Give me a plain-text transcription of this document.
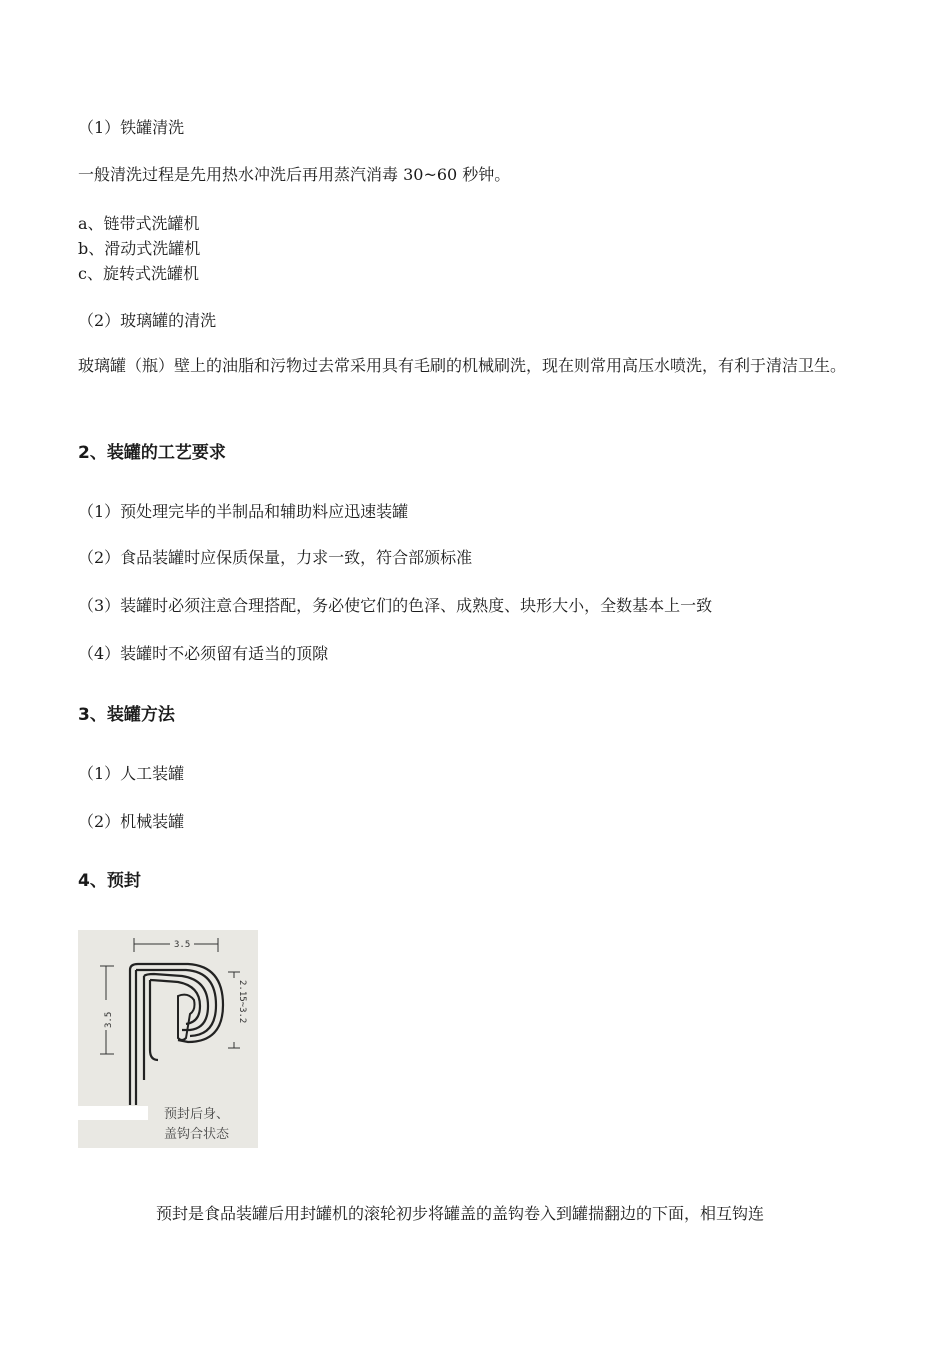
（1）铁罐清洗
一般清洗过程是先用热水冲洗后再用蒸汽消毒 30~60 秒钟。
a、链带式洗罐机
b、滑动式洗罐机
c、旋转式洗罐机
（2）玻璃罐的清洗
玻璃罐（瓶）壁上的油脂和污物过去常采用具有毛刷的机械刷洗，现在则常用高压水喷洗，有利于清洁卫生。
2、装罐的工艺要求
（1）预处理完毕的半制品和辅助料应迅速装罐
（2）食品装罐时应保质保量，力求一致，符合部颁标准
（3）装罐时必须注意合理搭配，务必使它们的色泽、成熟度、块形大小，全数基本上一致
（4）装罐时不必须留有适当的顶隙
3、装罐方法
（1）人工装罐
（2）机械装罐
4、预封
3.5
3.5	2.15~3.2
预封后身、
盖钩合状态
预封是食品装罐后用封罐机的滚轮初步将罐盖的盖钩卷入到罐揣翻边的下面，相互钩连
